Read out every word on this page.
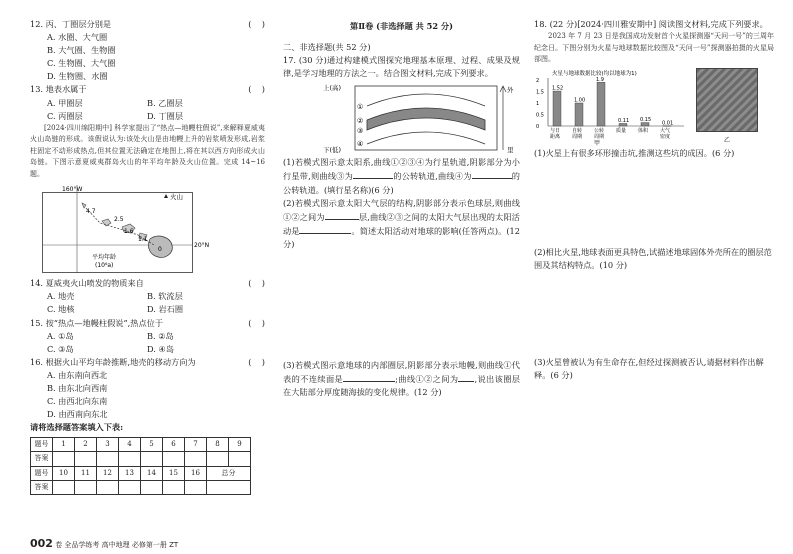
12. 丙、丁圈层分别是	(    )
A. 水圈、大气圈
B. 大气圈、生物圈
C. 生物圈、大气圈
D. 生物圈、水圈
13. 地表水属于	(    )
A. 甲圈层	B. 乙圈层
C. 丙圈层	D. 丁圈层
[2024·四川绵阳期中] 科学家提出了“热点—地幔柱假说”,来解释夏威夷火山岛链的形成。该假说认为:该处火山是由地幔上升的岩浆喷发形成,岩浆柱固定不动形成热点,但其位置无法确定在地图上,将在其以西方向形成火山岛链。下图示意夏威夷群岛火山的年平均年龄及火山位置。完成 14~16题。
160°W
20°N
火山
4.7
2.5
1.6
1.1
0
平均年龄
(10⁶a)
14. 夏威夷火山喷发的物质来自	(    )
A. 地壳	B. 软流层
C. 地核	D. 岩石圈
15. 按“热点—地幔柱假说”,热点位于	(    )
A. ①岛	B. ②岛
C. ③岛	D. ④岛
16. 根据火山平均年龄推断,地壳的移动方向为	(    )
A. 由东南向西北
B. 由东北向西南
C. 由西北向东南
D. 由西南向东北
请将选择题答案填入下表:
题号	1	2	3	4	5	6	7	8	9
答案									
题号	10	11	12	13	14	15	16	总分	
答案									
第Ⅱ卷 (非选择题 共 52 分)
二、非选择题(共 52 分)
17. (30 分)通过构建模式图探究地理基本原理、过程、成果及规律,是学习地理的方法之一。结合图文材料,完成下列要求。
上(高)
下(低)
外
里
①
②
③
④
(1)若模式图示意太阳系,曲线①②③④为行星轨道,阴影部分为小行星带,则曲线③为	的公转轨道,曲线④为	的公转轨道。(填行星名称)(6 分)
(2)若模式图示意太阳大气层的结构,阴影部分表示色球层,则曲线①②之间为	层,曲线②③之间的太阳大气层出现的太阳活动是	。简述太阳活动对地球的影响(任答两点)。(12 分)
(3)若模式图示意地球的内部圈层,阴影部分表示地幔,则曲线①代表的不连续面是	;曲线①②之间为 ,说出该圈层在大陆部分厚度随海拔的变化规律。(12 分)
18. (22 分)[2024·四川雅安期中] 阅读图文材料,完成下列要求。
2023 年 7 月 23 日是我国成功发射首个火星探测器“天问一号”的三周年纪念日。下图分别为火星与地球数据比较图及“天问一号”探测器拍摄的火星局部图。
火星与地球数据比较(均以地球为1)
0
0.5
1
1.5
2
1.52
与日
距离
1.00
自转
周期
1.9
公转
周期
0.11
质量
0.15
体积
0.01
大气
密度
甲	乙
(1)火星上有很多环形撞击坑,推测这些坑的成因。(6 分)
(2)相比火星,地球表面更具特色,试描述地球固体外壳所在的圈层范围及其结构特点。(10 分)
(3)火星曾被认为有生命存在,但经过探测被否认,请据材料作出解释。(6 分)
002 卷 全品学练考 高中地理 必修第一册 ZT
